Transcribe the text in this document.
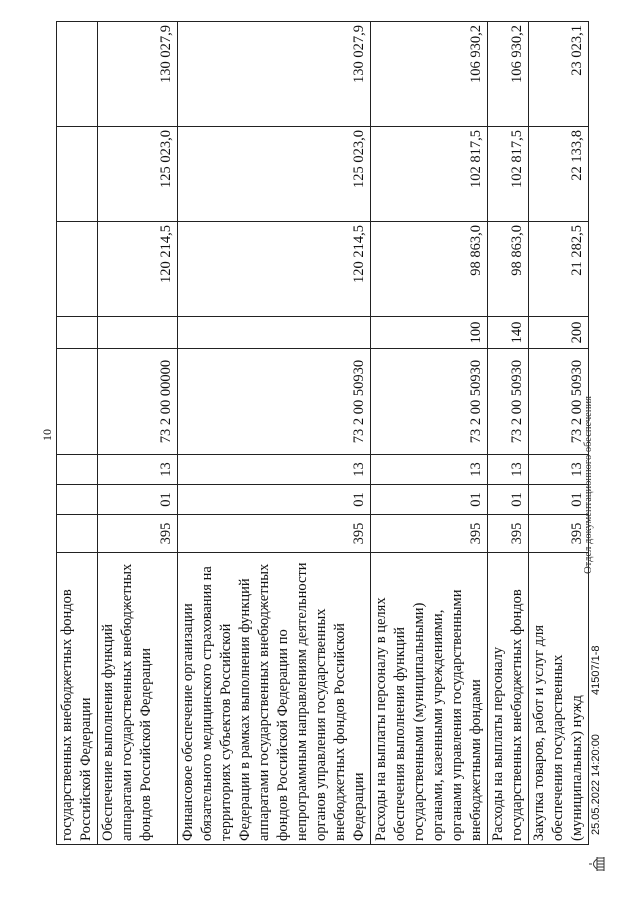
10
государственных внебюджетных фондов Российской Федерации								
Обеспечение выполнения функций аппаратами государственных внебюджетных фондов Российской Федерации	395	01	13	73 2 00 00000		120 214,5	125 023,0	130 027,9
Финансовое обеспечение организации обязательного медицинского страхования на территориях субъектов Российской Федерации в рамках выполнения функций аппаратами государственных внебюджетных фондов Российской Федерации по непрограммным направлениям деятельности органов управления государственных внебюджетных фондов Российской Федерации	395	01	13	73 2 00 50930		120 214,5	125 023,0	130 027,9
Расходы на выплаты персоналу в целях обеспечения выполнения функций государственными (муниципальными) органами, казенными учреждениями, органами управления государственными внебюджетными фондами	395	01	13	73 2 00 50930	100	98 863,0	102 817,5	106 930,2
Расходы на выплаты персоналу государственных внебюджетных фондов	395	01	13	73 2 00 50930	140	98 863,0	102 817,5	106 930,2
Закупка товаров, работ и услуг для обеспечения государственных (муниципальных) нужд	395	01	13	73 2 00 50930	200	21 282,5	22 133,8	23 023,1
25.05.2022 14:20:00
41507/1-8
Отдел документационного обеспечения
